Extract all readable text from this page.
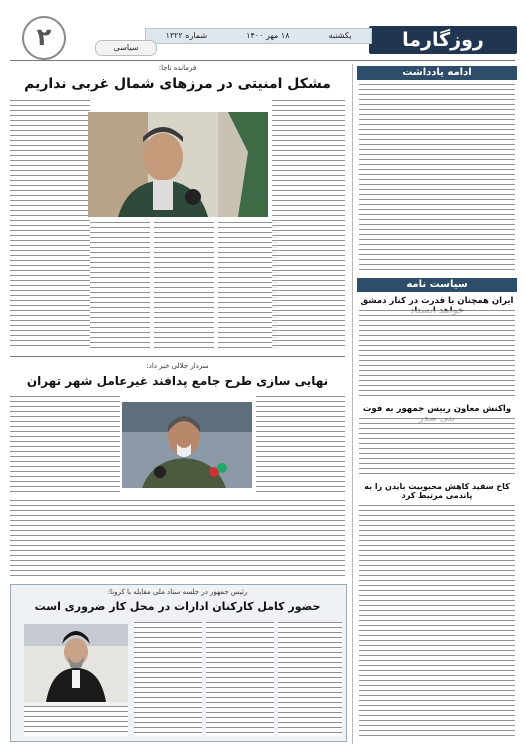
روزگارما
یکشنبه
۱۸ مهر ۱۴۰۰
شماره ۱۳۲۲
سیاسی
۲
ادامه یادداشت
سیاست نامه
ایران همچنان با قدرت در کنار دمشق
واکنش معاون رییس جمهور به فوت
کاخ سفید کاهش محبوبیت بایدن را به پاندمی مرتبط کرد
فرمانده ناجا:
مشکل امنیتی در مرزهای شمال غربی نداریم
سردار جلالی خبر داد:
نهایی سازی طرح جامع پدافند غیرعامل شهر تهران
رئیس جمهور در جلسه ستاد ملی مقابله با کرونا:
حضور کامل کارکنان ادارات در محل کار ضروری است
